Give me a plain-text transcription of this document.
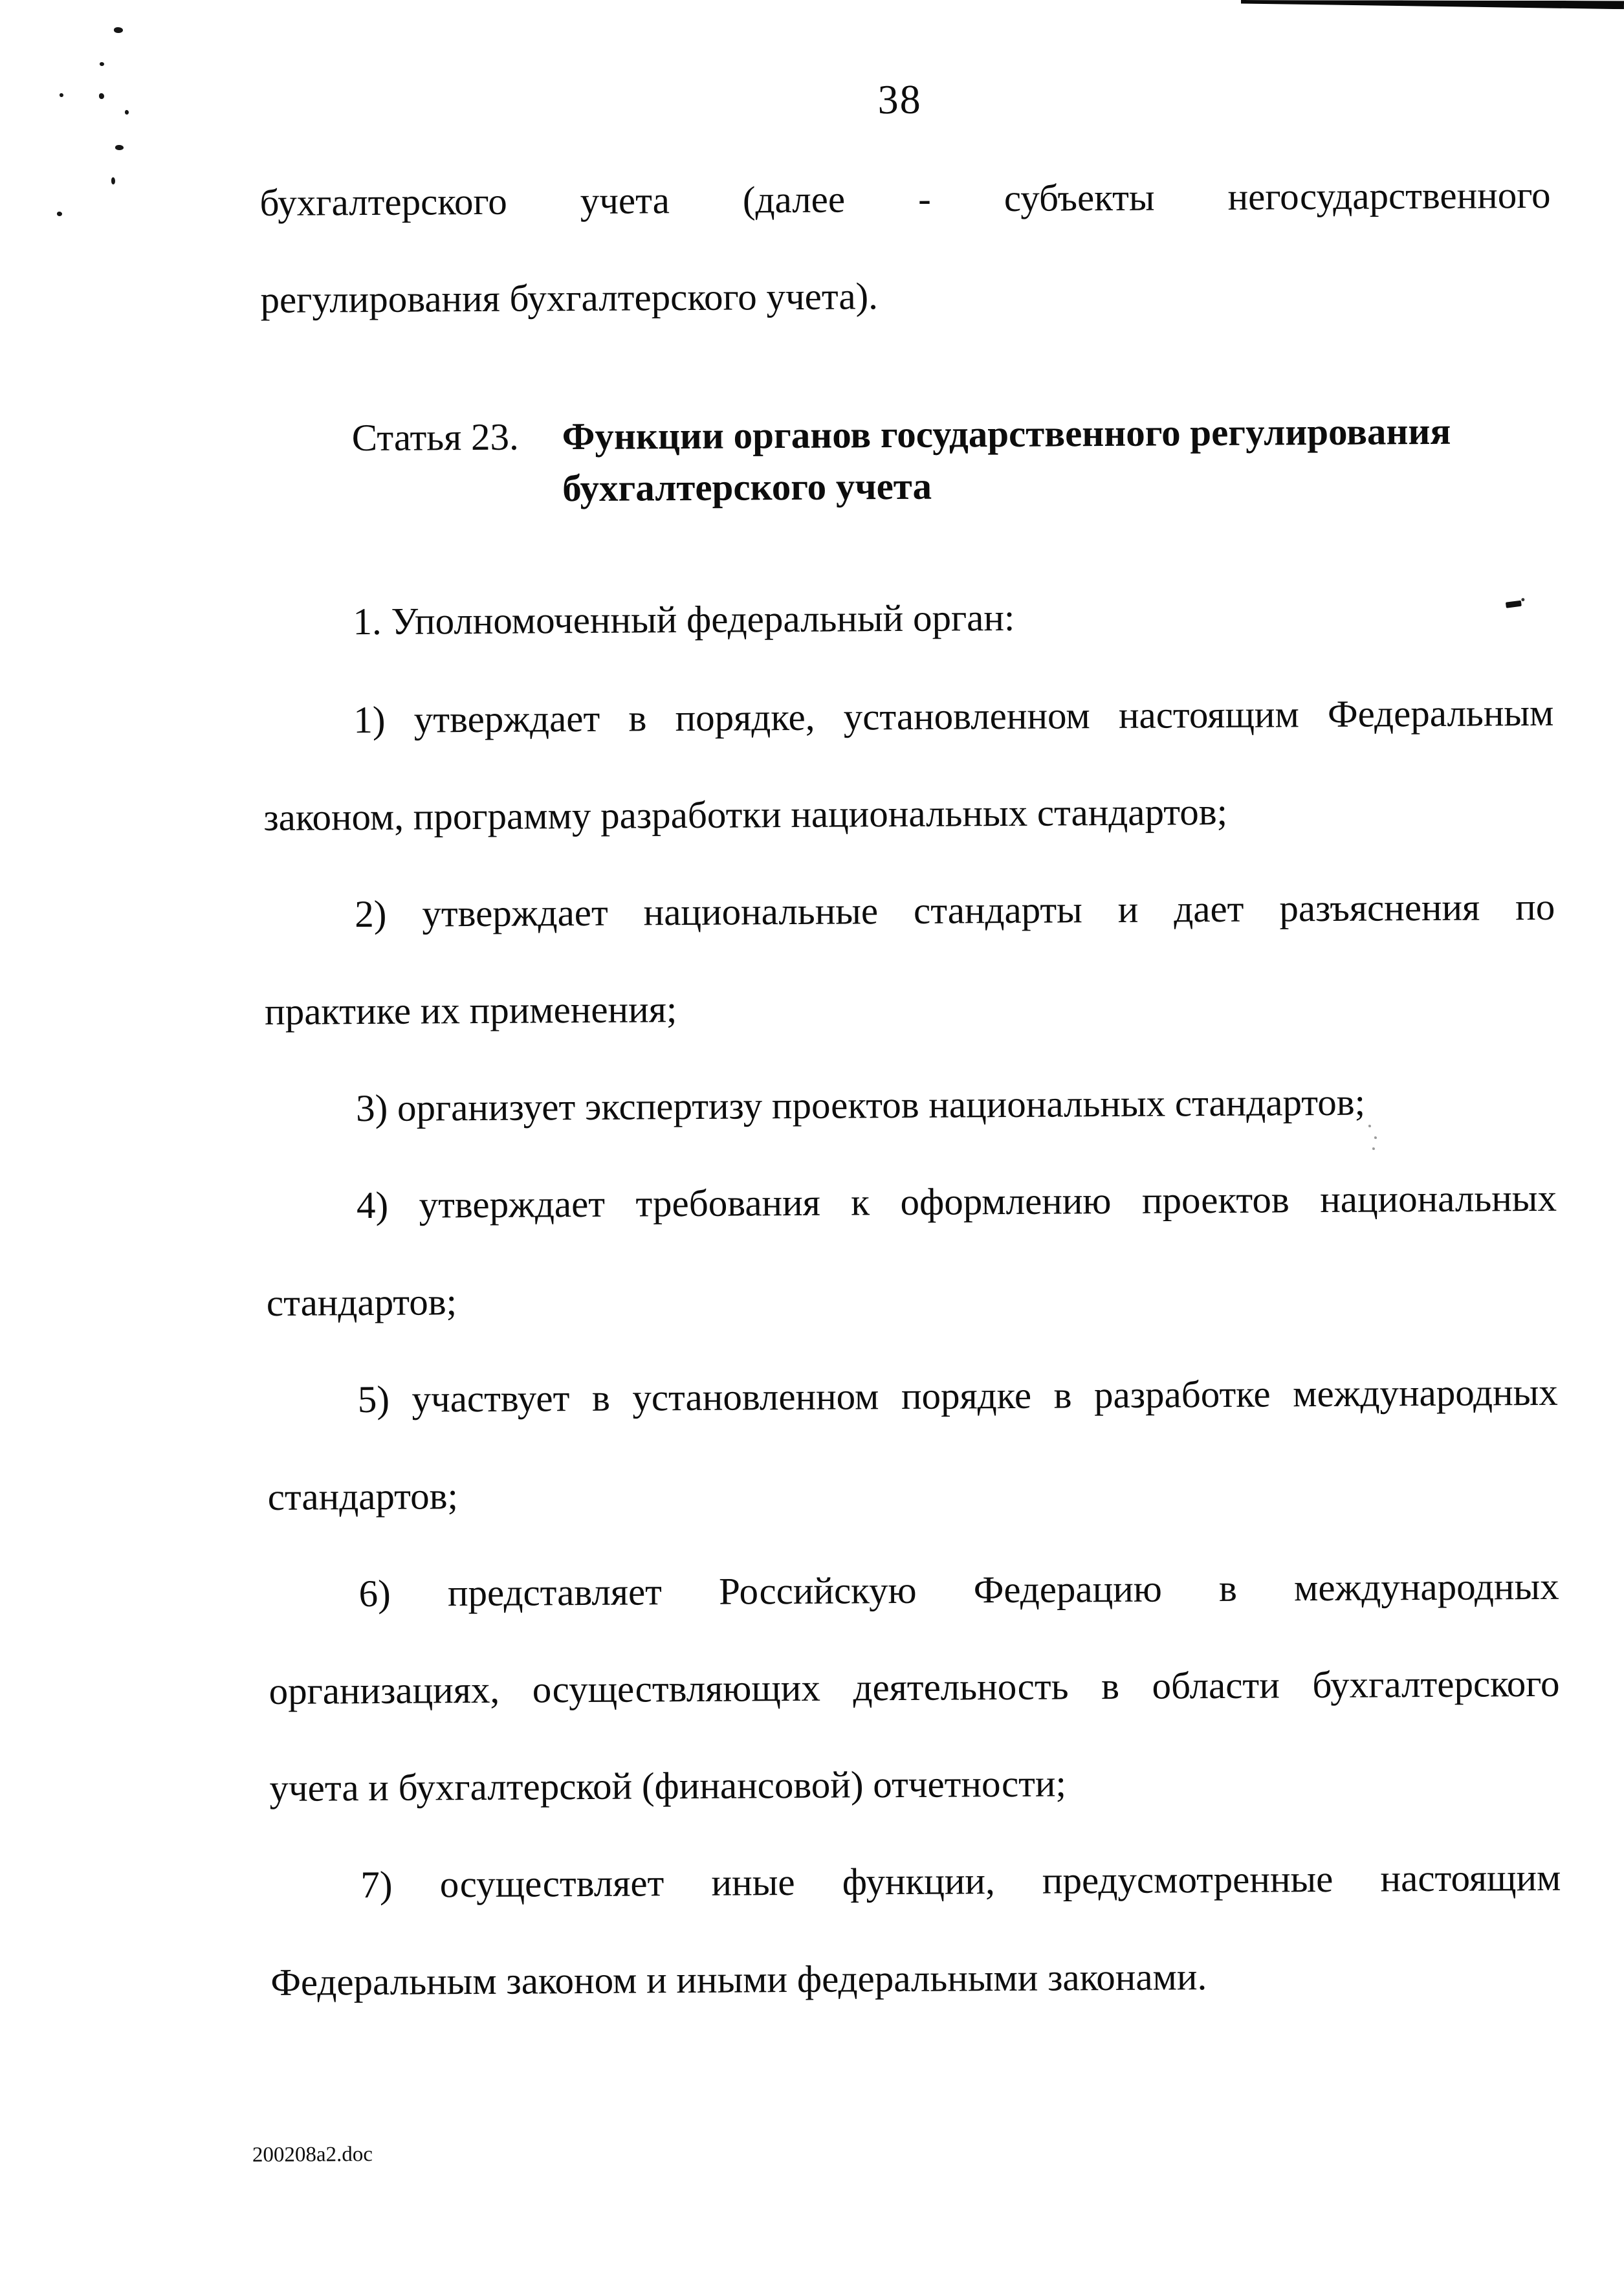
38
бухгалтерского учета (далее - субъекты негосударственного
регулирования бухгалтерского учета).
Статья 23. Функции органов государственного регулирования
бухгалтерского учета
1. Уполномоченный федеральный орган:
1) утверждает в порядке, установленном настоящим Федеральным
законом, программу разработки национальных стандартов;
2) утверждает национальные стандарты и дает разъяснения по
практике их применения;
3) организует экспертизу проектов национальных стандартов;
4) утверждает требования к оформлению проектов национальных
стандартов;
5) участвует в установленном порядке в разработке международных
стандартов;
6) представляет Российскую Федерацию в международных
организациях, осуществляющих деятельность в области бухгалтерского
учета и бухгалтерской (финансовой) отчетности;
7) осуществляет иные функции, предусмотренные настоящим
Федеральным законом и иными федеральными законами.
200208a2.doc
